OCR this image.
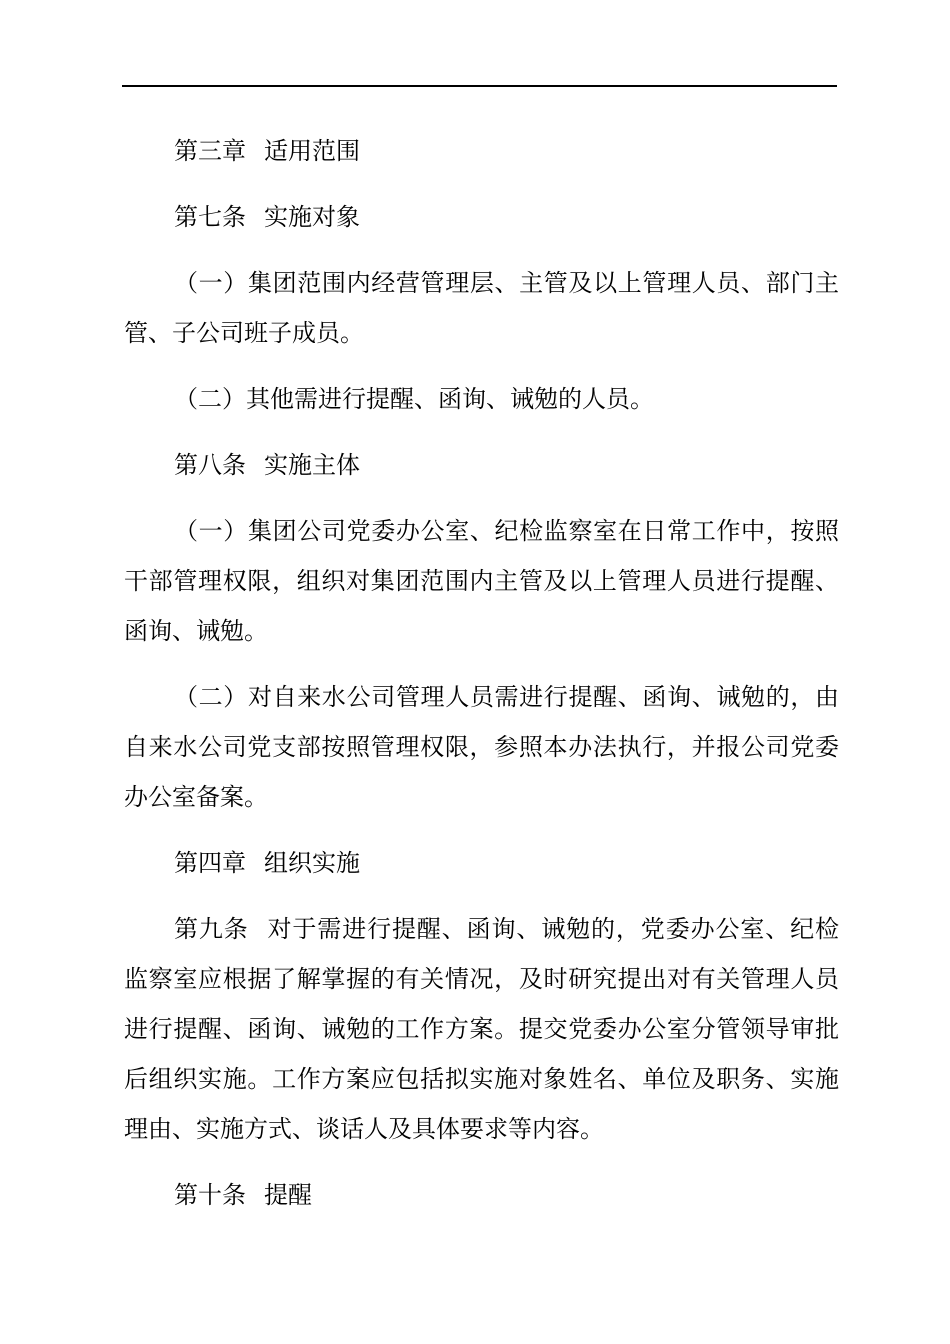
第三章 适用范围

第七条 实施对象

（一）集团范围内经营管理层、主管及以上管理人员、部门主管、子公司班子成员。

（二）其他需进行提醒、函询、诫勉的人员。

第八条 实施主体

（一）集团公司党委办公室、纪检监察室在日常工作中，按照干部管理权限，组织对集团范围内主管及以上管理人员进行提醒、函询、诫勉。

（二）对自来水公司管理人员需进行提醒、函询、诫勉的，由自来水公司党支部按照管理权限，参照本办法执行，并报公司党委办公室备案。

第四章 组织实施

第九条 对于需进行提醒、函询、诫勉的，党委办公室、纪检监察室应根据了解掌握的有关情况，及时研究提出对有关管理人员进行提醒、函询、诫勉的工作方案。提交党委办公室分管领导审批后组织实施。工作方案应包括拟实施对象姓名、单位及职务、实施理由、实施方式、谈话人及具体要求等内容。

第十条 提醒
